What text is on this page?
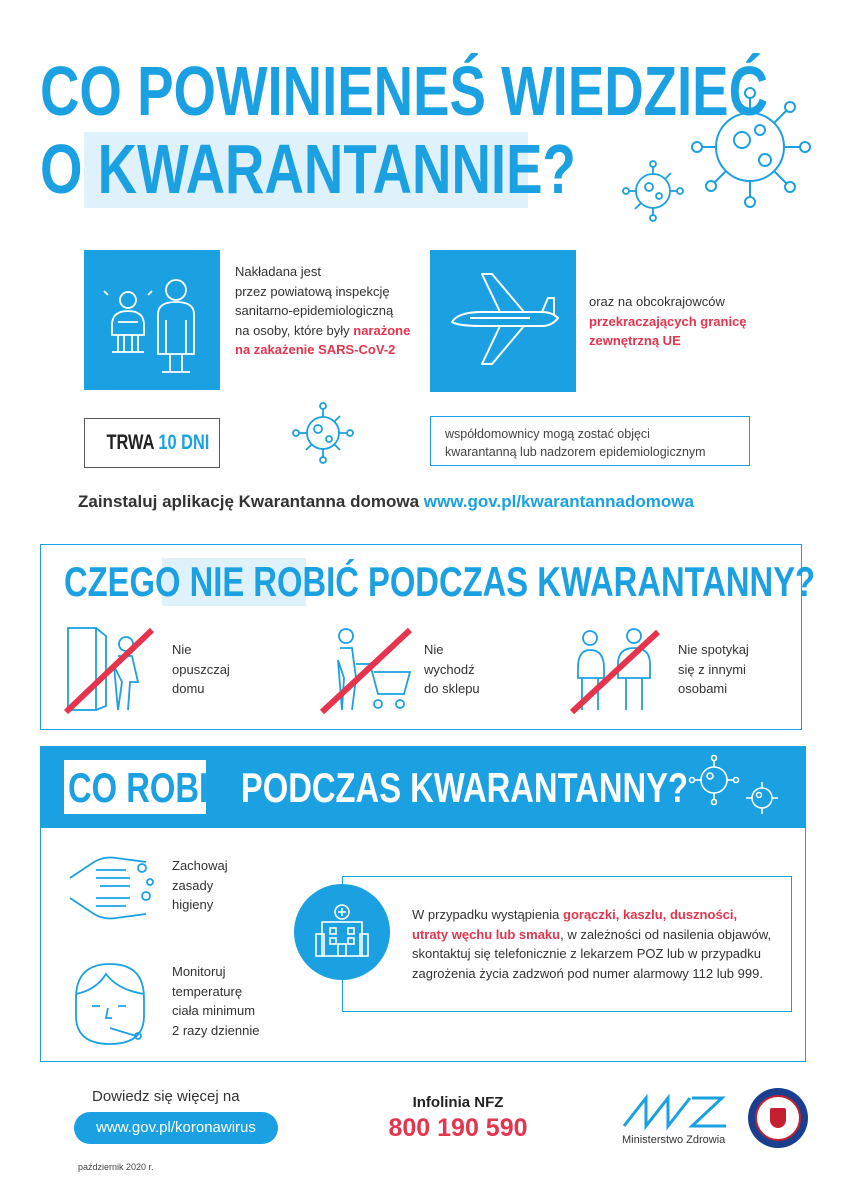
CO POWINIENEŚ WIEDZIEĆ
O KWARANTANNIE?
Nakładana jest
przez powiatową inspekcję
sanitarno-epidemiologiczną
na osoby, które były narażone
na zakażenie SARS-CoV-2
oraz na obcokrajowców
przekraczających granicę
zewnętrzną UE
TRWA 10 DNI	współdomownicy mogą zostać objęci
kwarantanną lub nadzorem epidemiologicznym
Zainstaluj aplikację Kwarantanna domowa www.gov.pl/kwarantannadomowa
CZEGO NIE ROBIĆ PODCZAS KWARANTANNY?
Nie
opuszczaj
domu
Nie
wychodź
do sklepu
Nie spotykaj
się z innymi
osobami
CO ROBIĆ PODCZAS KWARANTANNY?
Zachowaj
zasady
higieny
Monitoruj
temperaturę
ciała minimum
2 razy dziennie
W przypadku wystąpienia gorączki, kaszlu, duszności,
utraty węchu lub smaku, w zależności od nasilenia objawów,
skontaktuj się telefonicznie z lekarzem POZ lub w przypadku
zagrożenia życia zadzwoń pod numer alarmowy 112 lub 999.
Dowiedz się więcej na
www.gov.pl/koronawirus
Infolinia NFZ
800 190 590	Ministerstwo Zdrowia
październik 2020 r.
